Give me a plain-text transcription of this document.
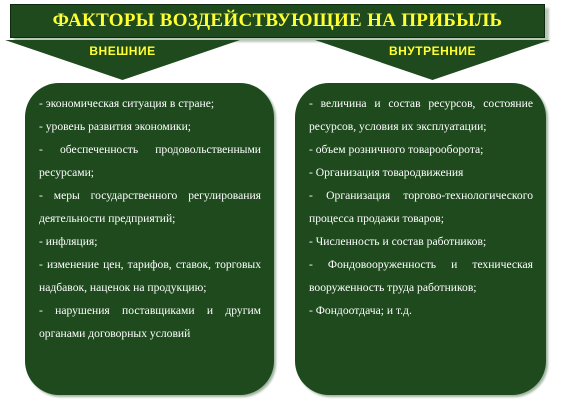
ФАКТОРЫ ВОЗДЕЙСТВУЮЩИЕ НА ПРИБЫЛЬ
ВНЕШНИЕ	ВНУТРЕННИЕ
- экономическая ситуация в стране;
- уровень развития экономики;
- обеспеченность продовольственными ресурсами;
- меры государственного регулирования деятельности предприятий;
- инфляция;
- изменение цен, тарифов, ставок, торговых надбавок, наценок на продукцию;
- нарушения поставщиками и другим органами договорных условий
- величина и состав ресурсов, состояние ресурсов, условия их эксплуатации;
- объем розничного товарооборота;
- Организация товародвижения
- Организация торгово-технологического процесса продажи товаров;
- Численность и состав работников;
- Фондовооруженность и техническая вооруженность труда работников;
- Фондоотдача; и т.д.
